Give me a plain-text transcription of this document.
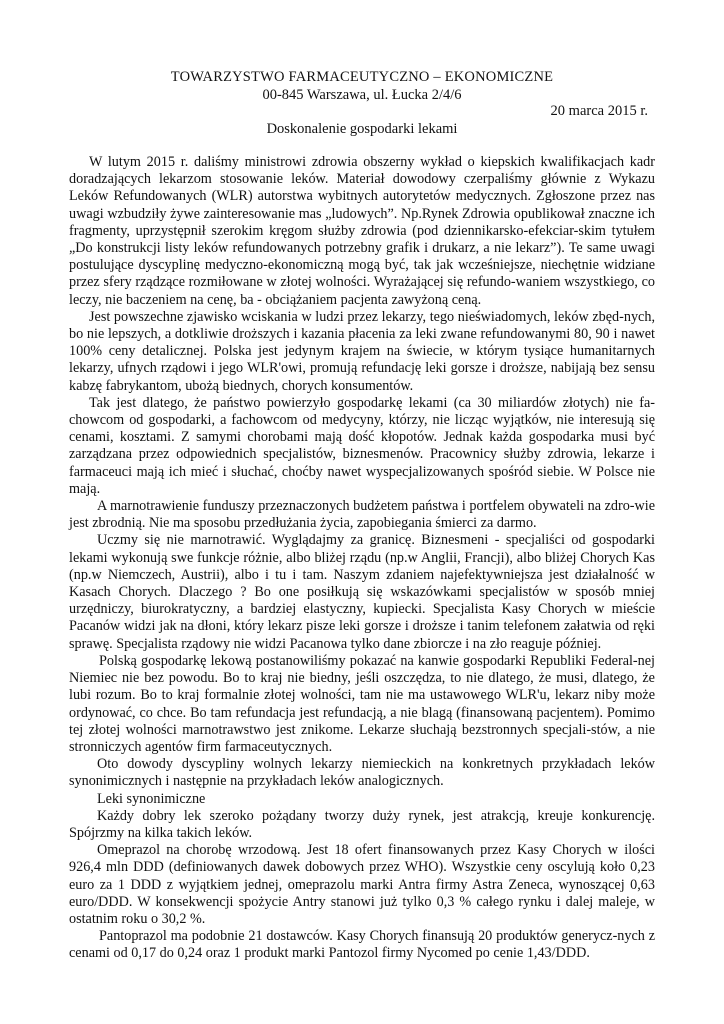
TOWARZYSTWO FARMACEUTYCZNO – EKONOMICZNE
00-845 Warszawa, ul. Łucka 2/4/6
20 marca 2015 r.
Doskonalenie gospodarki lekami

W lutym 2015 r. daliśmy ministrowi zdrowia obszerny wykład o kiepskich kwalifikacjach kadr doradzających lekarzom stosowanie leków. Materiał dowodowy czerpaliśmy głównie z Wykazu Leków Refundowanych (WLR) autorstwa wybitnych autorytetów medycznych. Zgłoszone przez nas uwagi wzbudziły żywe zainteresowanie mas „ludowych”. Np.Rynek Zdrowia opublikował znaczne ich fragmenty, uprzystępnił szerokim kręgom służby zdrowia (pod dziennikarsko-efekciar-skim tytułem „Do konstrukcji listy leków refundowanych potrzebny grafik i drukarz, a nie lekarz”). Te same uwagi postulujące dyscyplinę medyczno-ekonomiczną mogą być, tak jak wcześniejsze, niechętnie widziane przez sfery rządzące rozmiłowane w złotej wolności. Wyrażającej się refundo-waniem wszystkiego, co leczy, nie baczeniem na cenę, ba - obciążaniem pacjenta zawyżoną ceną.

Jest powszechne zjawisko wciskania w ludzi przez lekarzy, tego nieświadomych, leków zbęd-nych, bo nie lepszych, a dotkliwie droższych i kazania płacenia za leki zwane refundowanymi 80, 90 i nawet 100% ceny detalicznej. Polska jest jedynym krajem na świecie, w którym tysiące humanitarnych lekarzy, ufnych rządowi i jego WLR'owi, promują refundację leki gorsze i droższe, nabijają bez sensu kabzę fabrykantom, ubożą biednych, chorych konsumentów.

Tak jest dlatego, że państwo powierzyło gospodarkę lekami (ca 30 miliardów złotych) nie fa-chowcom od gospodarki, a fachowcom od medycyny, którzy, nie licząc wyjątków, nie interesują się cenami, kosztami. Z samymi chorobami mają dość kłopotów. Jednak każda gospodarka musi być zarządzana przez odpowiednich specjalistów, biznesmenów. Pracownicy służby zdrowia, lekarze i farmaceuci mają ich mieć i słuchać, choćby nawet wyspecjalizowanych spośród siebie. W Polsce nie mają.

A marnotrawienie funduszy przeznaczonych budżetem państwa i portfelem obywateli na zdro-wie jest zbrodnią. Nie ma sposobu przedłużania życia, zapobiegania śmierci za darmo.

Uczmy się nie marnotrawić. Wyglądajmy za granicę. Biznesmeni - specjaliści od gospodarki lekami wykonują swe funkcje różnie, albo bliżej rządu (np.w Anglii, Francji), albo bliżej Chorych Kas (np.w Niemczech, Austrii), albo i tu i tam. Naszym zdaniem najefektywniejsza jest działalność w Kasach Chorych. Dlaczego ? Bo one posiłkują się wskazówkami specjalistów w sposób mniej urzędniczy, biurokratyczny, a bardziej elastyczny, kupiecki. Specjalista Kasy Chorych w mieście Pacanów widzi jak na dłoni, który lekarz pisze leki gorsze i droższe i tanim telefonem załatwia od ręki sprawę. Specjalista rządowy nie widzi Pacanowa tylko dane zbiorcze i na zło reaguje później.

Polską gospodarkę lekową postanowiliśmy pokazać na kanwie gospodarki Republiki Federal-nej Niemiec nie bez powodu. Bo to kraj nie biedny, jeśli oszczędza, to nie dlatego, że musi, dlatego, że lubi rozum. Bo to kraj formalnie złotej wolności, tam nie ma ustawowego WLR'u, lekarz niby może ordynować, co chce. Bo tam refundacja jest refundacją, a nie blagą (finansowaną pacjentem). Pomimo tej złotej wolności marnotrawstwo jest znikome. Lekarze słuchają bezstronnych specjali-stów, a nie stronniczych agentów firm farmaceutycznych.

Oto dowody dyscypliny wolnych lekarzy niemieckich na konkretnych przykładach leków synonimicznych i następnie na przykładach leków analogicznych.

Leki synonimiczne

Każdy dobry lek szeroko pożądany tworzy duży rynek, jest atrakcją, kreuje konkurencję. Spójrzmy na kilka takich leków.

Omeprazol na chorobę wrzodową. Jest 18 ofert finansowanych przez Kasy Chorych w ilości 926,4 mln DDD (definiowanych dawek dobowych przez WHO). Wszystkie ceny oscylują koło 0,23 euro za 1 DDD z wyjątkiem jednej, omeprazolu marki Antra firmy Astra Zeneca, wynoszącej 0,63 euro/DDD. W konsekwencji spożycie Antry stanowi już tylko 0,3 % całego rynku i dalej maleje, w ostatnim roku o 30,2 %.

Pantoprazol ma podobnie 21 dostawców. Kasy Chorych finansują 20 produktów generycz-nych z cenami od 0,17 do 0,24 oraz 1 produkt marki Pantozol firmy Nycomed po cenie 1,43/DDD.
